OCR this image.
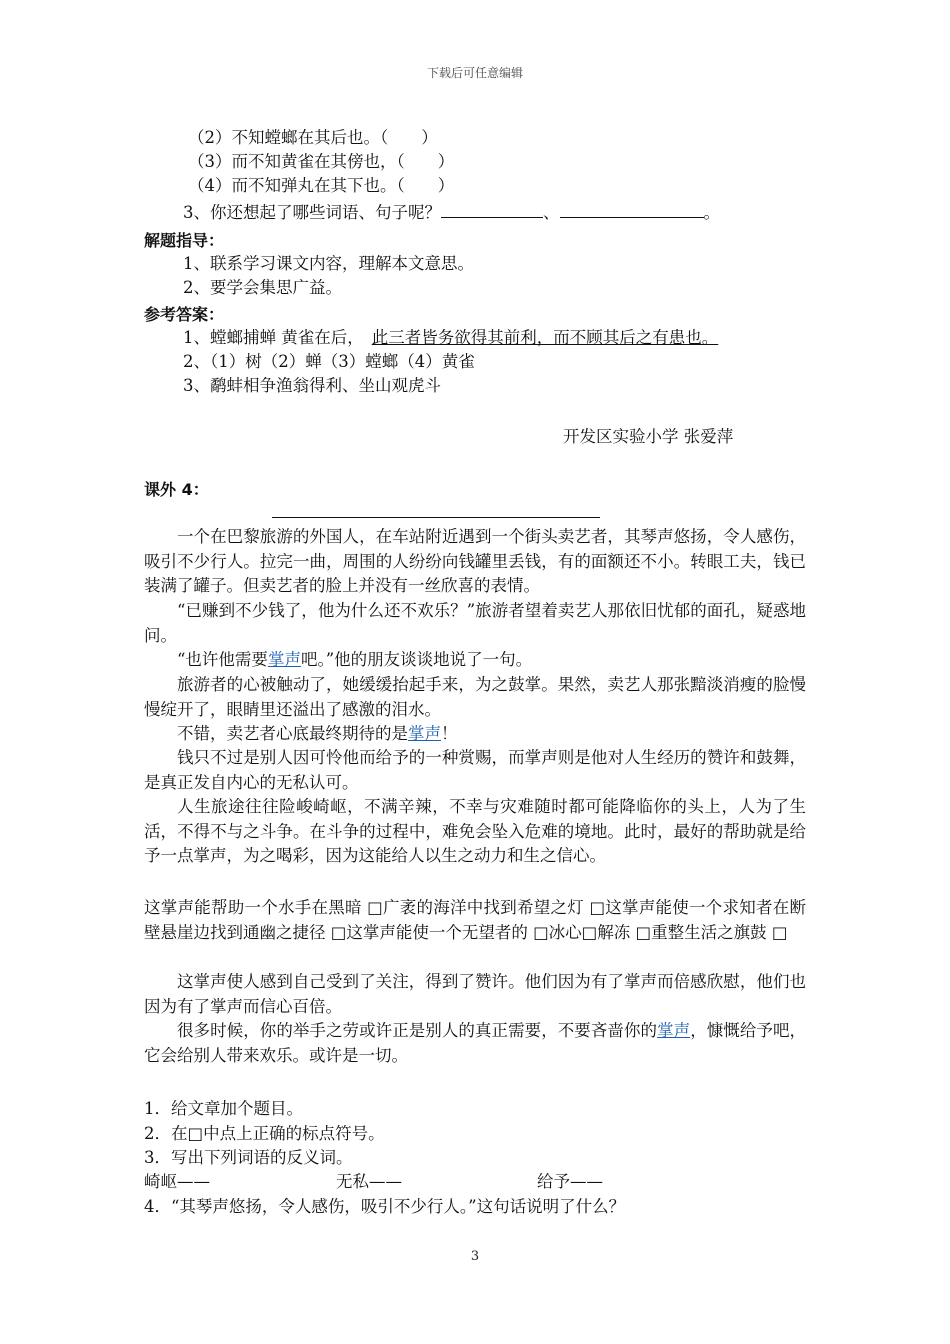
下载后可任意编辑
（2）不知螳螂在其后也。（　　）
（3）而不知黄雀在其傍也，（　　）
（4）而不知弹丸在其下也。（　　）
3、你还想起了哪些词语、句子呢？	、	。
解题指导：
1、联系学习课文内容，理解本文意思。
2、要学会集思广益。
参考答案：
1、螳螂捕蝉 黄雀在后， 此三者皆务欲得其前利，而不顾其后之有患也。
2、（1）树（2）蝉（3）螳螂（4）黄雀
3、鹬蚌相争渔翁得利、坐山观虎斗
开发区实验小学 张爱萍
课外 4：
一个在巴黎旅游的外国人，在车站附近遇到一个街头卖艺者，其琴声悠扬，令人感伤，吸引不少行人。拉完一曲，周围的人纷纷向钱罐里丢钱，有的面额还不小。转眼工夫，钱已装满了罐子。但卖艺者的脸上并没有一丝欣喜的表情。
“已赚到不少钱了，他为什么还不欢乐？”旅游者望着卖艺人那依旧忧郁的面孔，疑惑地问。
“也许他需要掌声吧。”他的朋友谈谈地说了一句。
旅游者的心被触动了，她缓缓抬起手来，为之鼓掌。果然，卖艺人那张黯淡消瘦的脸慢慢绽开了，眼睛里还溢出了感激的泪水。
不错，卖艺者心底最终期待的是掌声！
钱只不过是别人因可怜他而给予的一种赏赐，而掌声则是他对人生经历的赞许和鼓舞，是真正发自内心的无私认可。
人生旅途往往险峻崎岖，不满辛辣，不幸与灾难随时都可能降临你的头上，人为了生活，不得不与之斗争。在斗争的过程中，难免会坠入危难的境地。此时，最好的帮助就是给予一点掌声，为之喝彩，因为这能给人以生之动力和生之信心。
这掌声能帮助一个水手在黑暗 □广袤的海洋中找到希望之灯 □这掌声能使一个求知者在断壁悬崖边找到通幽之捷径 □这掌声能使一个无望者的 □冰心□解冻 □重整生活之旗鼓 □
这掌声使人感到自己受到了关注，得到了赞许。他们因为有了掌声而倍感欣慰，他们也因为有了掌声而信心百倍。
很多时候，你的举手之劳或许正是别人的真正需要，不要吝啬你的掌声，慷慨给予吧，它会给别人带来欢乐。或许是一切。
1．给文章加个题目。
2．在□中点上正确的标点符号。
3．写出下列词语的反义词。
崎岖——	无私——	给予——
4．“其琴声悠扬，令人感伤，吸引不少行人。”这句话说明了什么？
3
